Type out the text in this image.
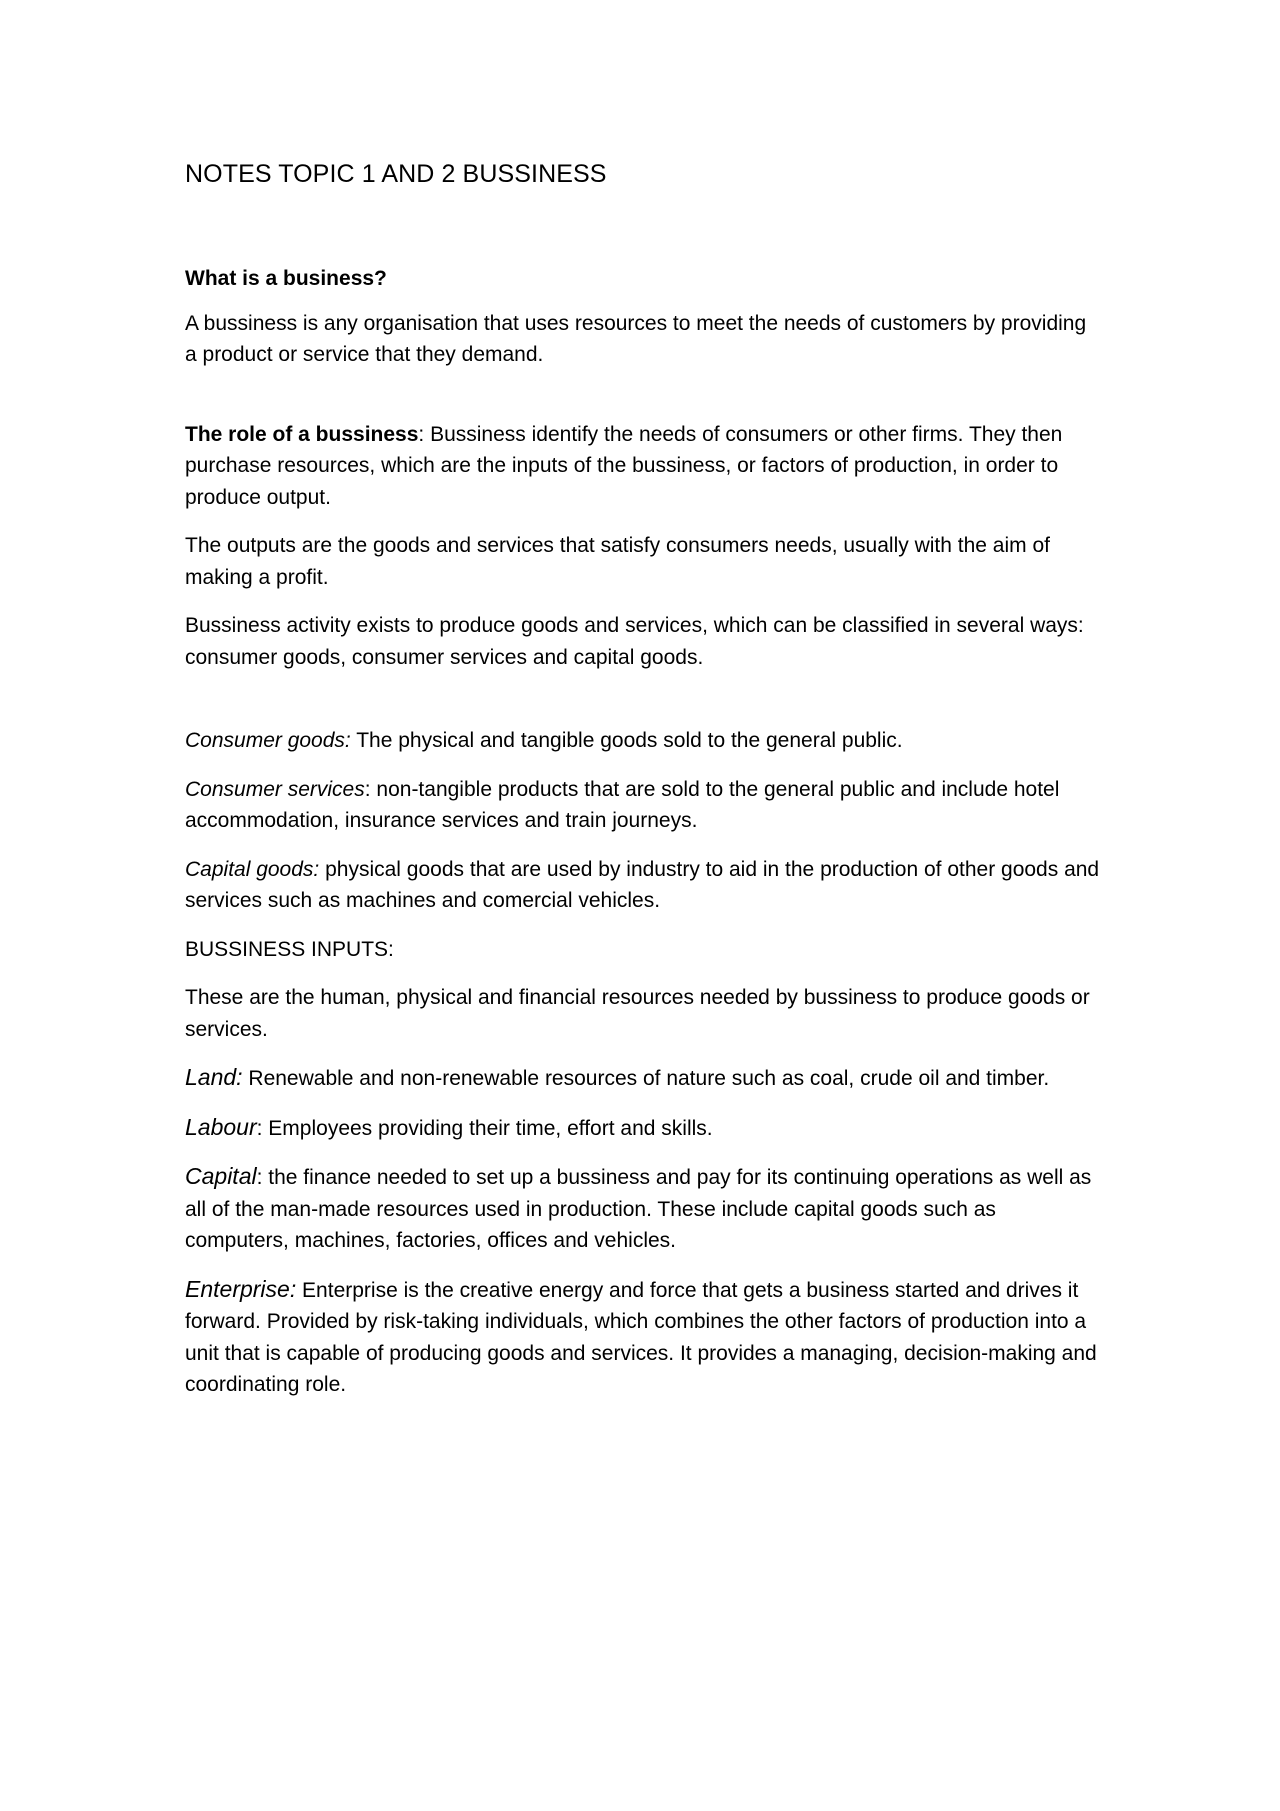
NOTES TOPIC 1 AND 2 BUSSINESS

What is a business?

A bussiness is any organisation that uses resources to meet the needs of customers by providing a product or service that they demand.

The role of a bussiness: Bussiness identify the needs of consumers or other firms. They then purchase resources, which are the inputs of the bussiness, or factors of production, in order to produce output.

The outputs are the goods and services that satisfy consumers needs, usually with the aim of making a profit.

Bussiness activity exists to produce goods and services, which can be classified in several ways: consumer goods, consumer services and capital goods.

Consumer goods: The physical and tangible goods sold to the general public.

Consumer services: non-tangible products that are sold to the general public and include hotel accommodation, insurance services and train journeys.

Capital goods: physical goods that are used by industry to aid in the production of other goods and services such as machines and comercial vehicles.

BUSSINESS INPUTS:

These are the human, physical and financial resources needed by bussiness to produce goods or services.

Land: Renewable and non-renewable resources of nature such as coal, crude oil and timber.

Labour: Employees providing their time, effort and skills.

Capital: the finance needed to set up a bussiness and pay for its continuing operations as well as all of the man-made resources used in production. These include capital goods such as computers, machines, factories, offices and vehicles.

Enterprise: Enterprise is the creative energy and force that gets a business started and drives it forward. Provided by risk-taking individuals, which combines the other factors of production into a unit that is capable of producing goods and services. It provides a managing, decision-making and coordinating role.
